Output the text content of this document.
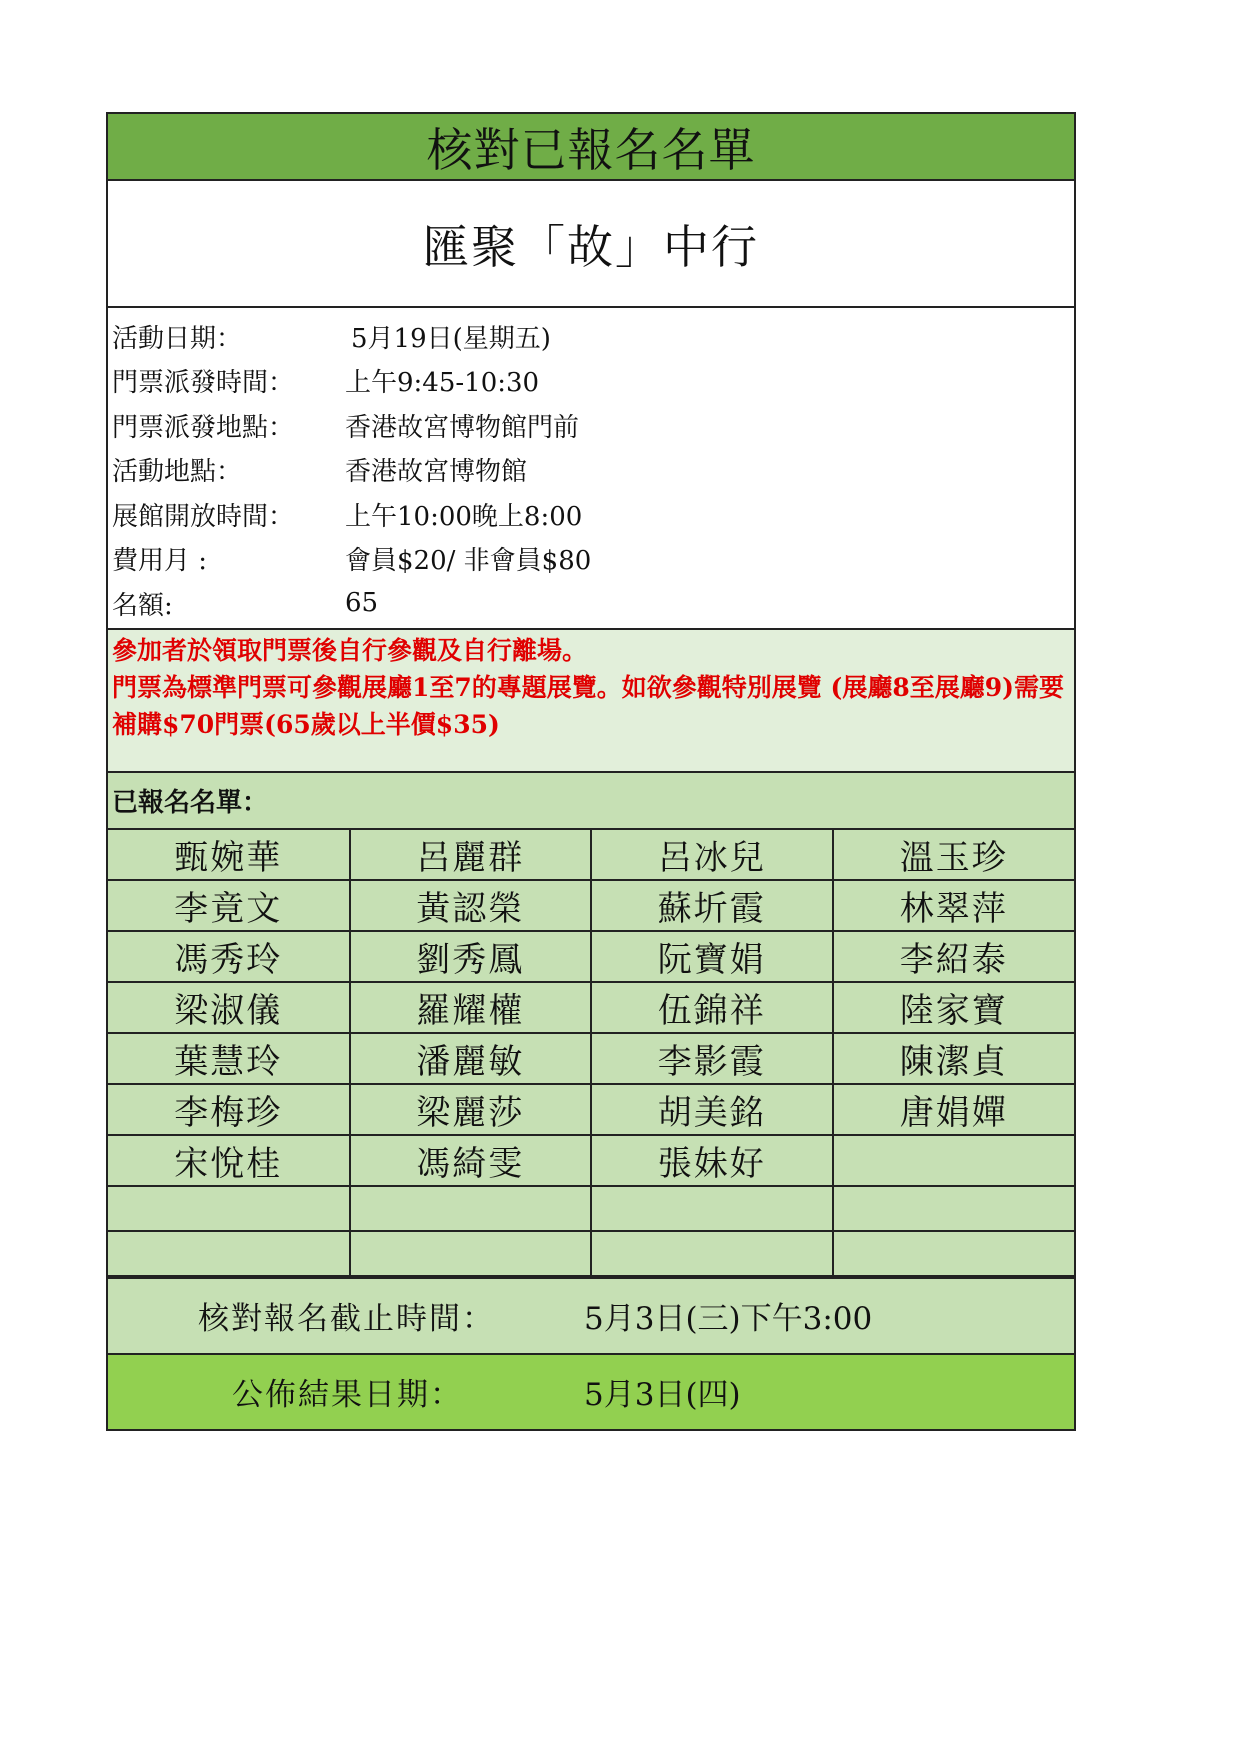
核對已報名名單
匯聚「故」中行
活動日期：	5月19日(星期五)
門票派發時間：	上午9:45-10:30
門票派發地點：	香港故宮博物館門前
活動地點：	香港故宮博物館
展館開放時間：	上午10:00晚上8:00
費用月 :	會員$20/ 非會員$80
名額:	65
參加者於領取門票後自行參觀及自行離場。
門票為標準門票可參觀展廳1至7的專題展覽。如欲參觀特別展覽 (展廳8至展廳9)需要補購$70門票(65歲以上半價$35)
已報名名單：
甄婉華	呂麗群	呂冰兒	溫玉珍
李竟文	黃認榮	蘇圻霞	林翠萍
馮秀玲	劉秀鳳	阮寶娟	李紹泰
梁淑儀	羅耀權	伍錦祥	陸家寶
葉慧玲	潘麗敏	李影霞	陳潔貞
李梅珍	梁麗莎	胡美銘	唐娟嬋
宋悅桂	馮綺雯	張妹好	

核對報名截止時間：	5月3日(三)下午3:00
公佈結果日期：	5月3日(四)
